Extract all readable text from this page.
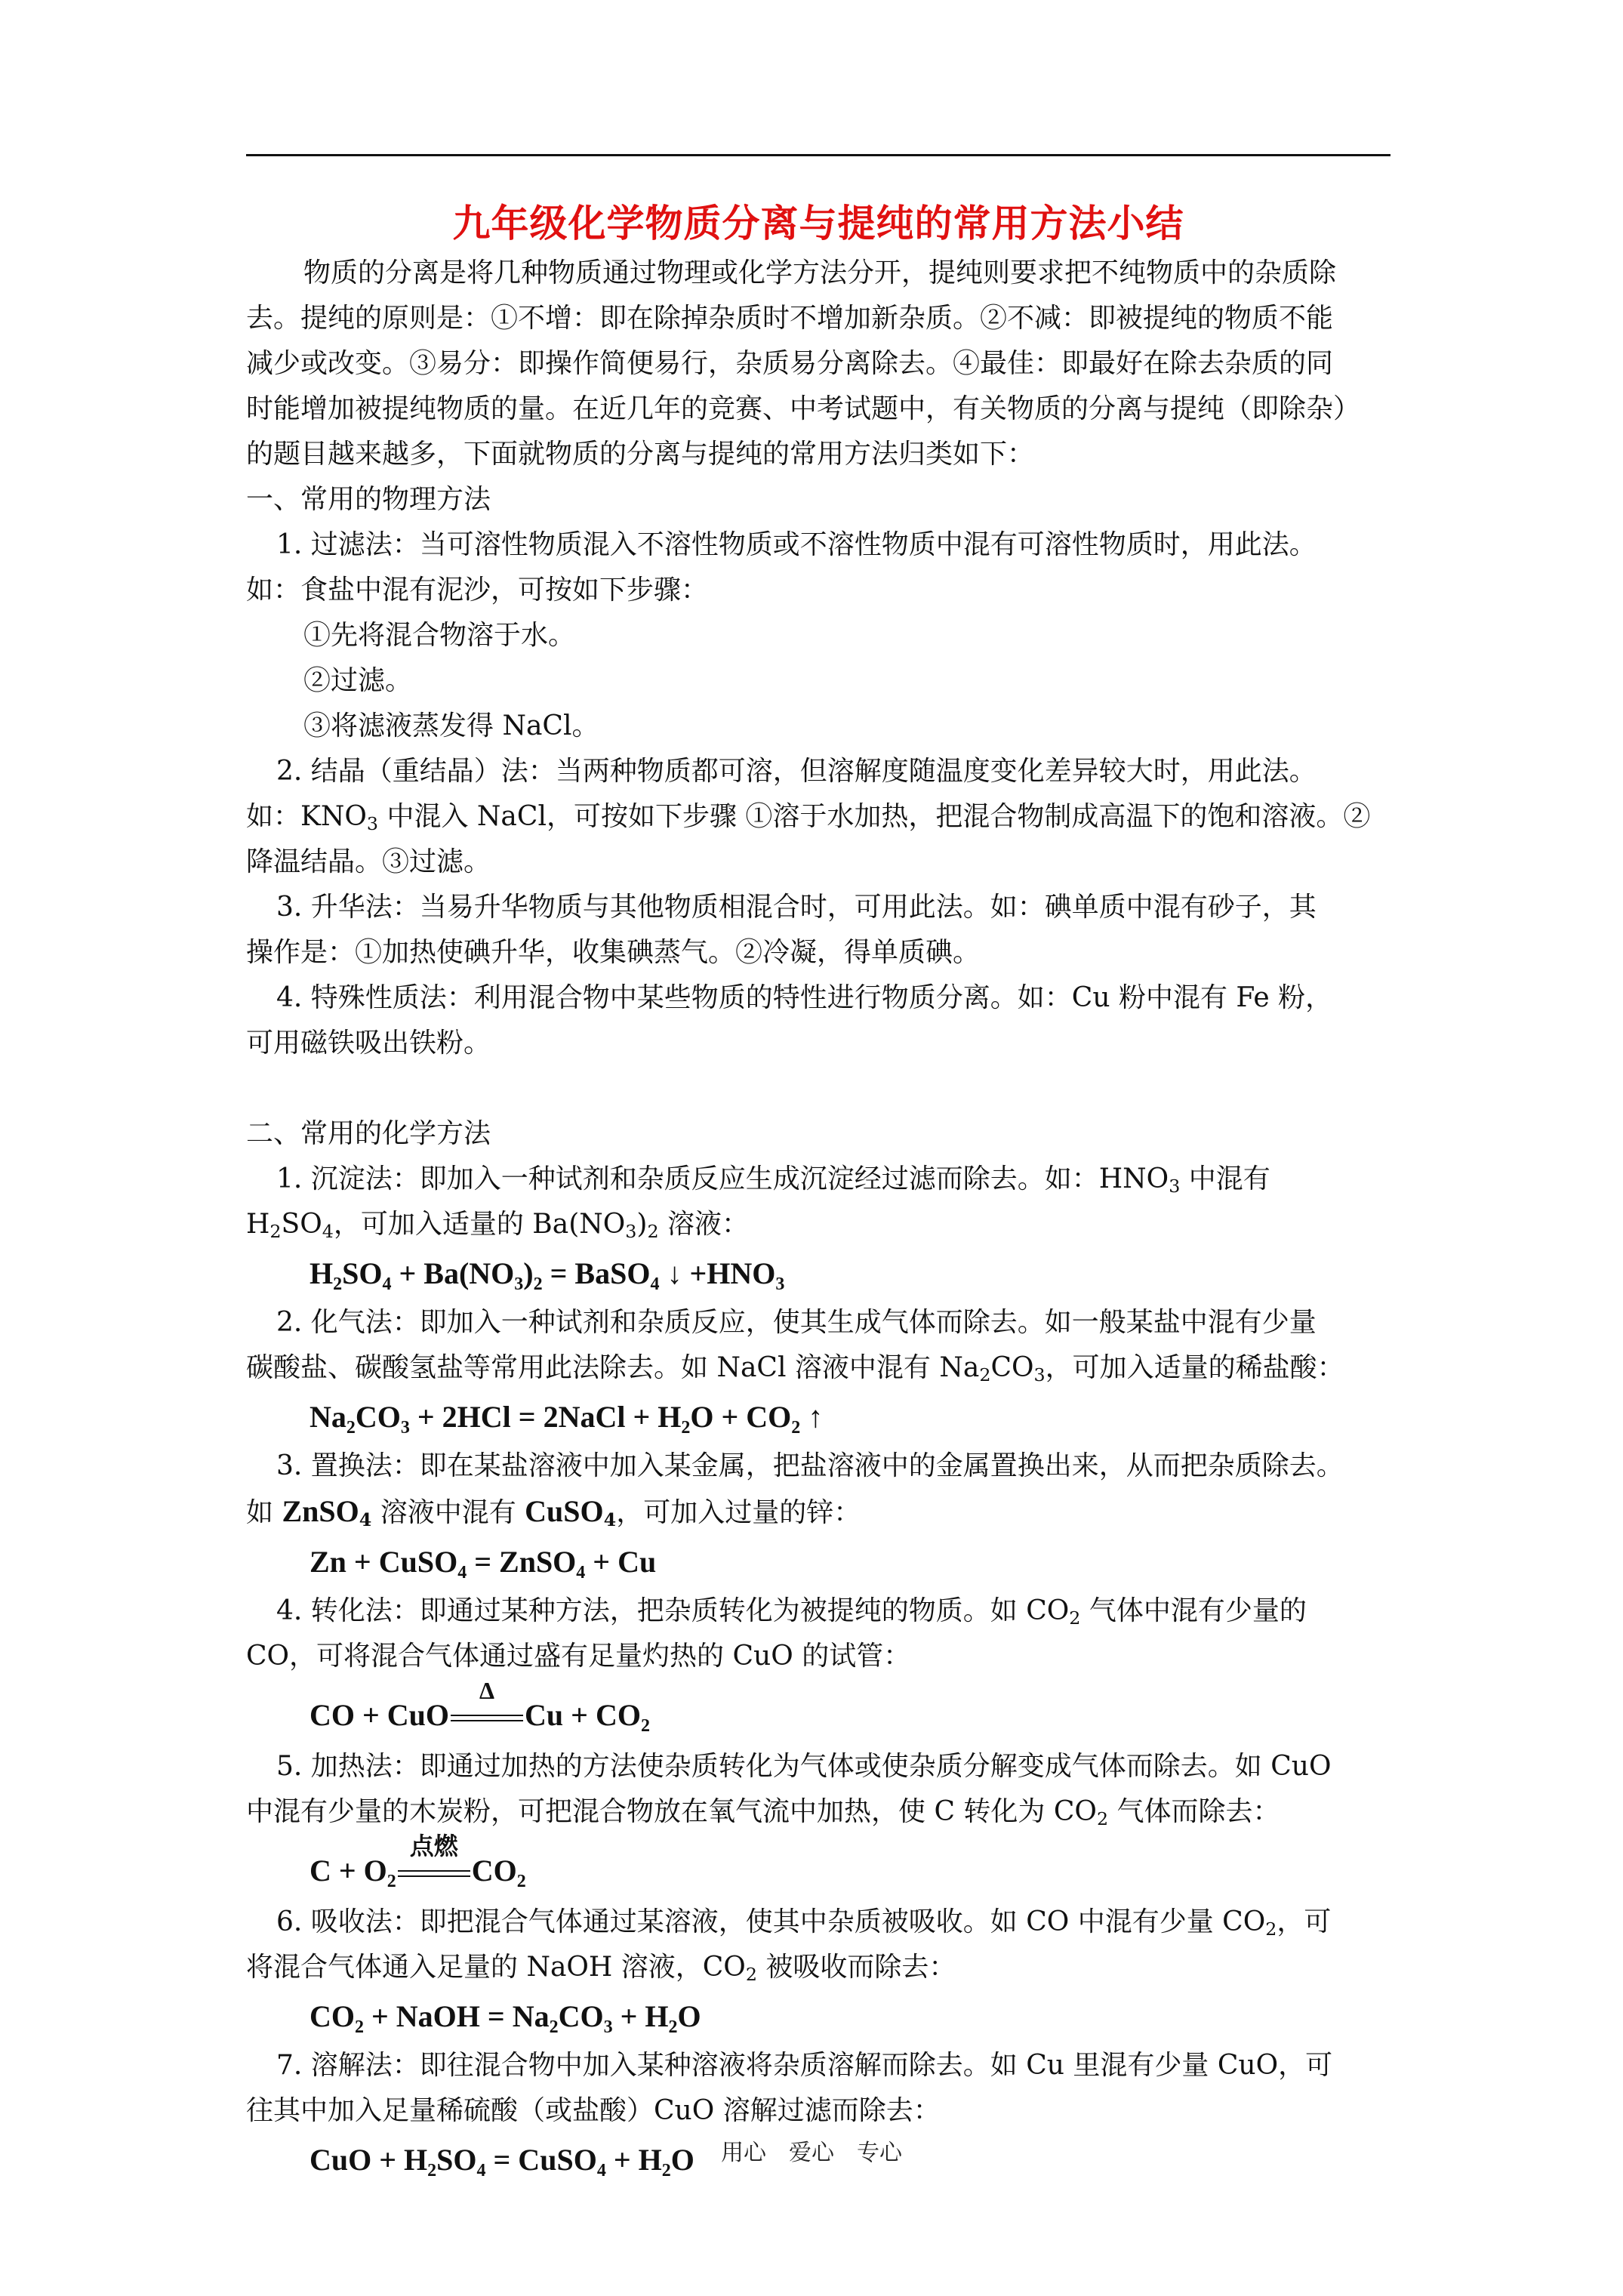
九年级化学物质分离与提纯的常用方法小结

物质的分离是将几种物质通过物理或化学方法分开，提纯则要求把不纯物质中的杂质除

去。提纯的原则是：①不增：即在除掉杂质时不增加新杂质。②不减：即被提纯的物质不能

减少或改变。③易分：即操作简便易行，杂质易分离除去。④最佳：即最好在除去杂质的同

时能增加被提纯物质的量。在近几年的竞赛、中考试题中，有关物质的分离与提纯（即除杂）

的题目越来越多，下面就物质的分离与提纯的常用方法归类如下：

一、常用的物理方法

1. 过滤法：当可溶性物质混入不溶性物质或不溶性物质中混有可溶性物质时，用此法。

如：食盐中混有泥沙，可按如下步骤：

①先将混合物溶于水。

②过滤。

③将滤液蒸发得 NaCl。

2. 结晶（重结晶）法：当两种物质都可溶，但溶解度随温度变化差异较大时，用此法。

如：$KNO_3$ 中混入 NaCl，可按如下步骤 ①溶于水加热，把混合物制成高温下的饱和溶液。②

降温结晶。③过滤。

3. 升华法：当易升华物质与其他物质相混合时，可用此法。如：碘单质中混有砂子，其

操作是：①加热使碘升华，收集碘蒸气。②冷凝，得单质碘。

4. 特殊性质法：利用混合物中某些物质的特性进行物质分离。如：Cu 粉中混有 Fe 粉，

可用磁铁吸出铁粉。

二、常用的化学方法

1. 沉淀法：即加入一种试剂和杂质反应生成沉淀经过滤而除去。如：$HNO_3$ 中混有

$H_2SO_4$，可加入适量的 $Ba(NO_3)_2$ 溶液：

$H_2SO_4 + Ba(NO_3)_2$ = BaSO$_4$ ↓ $+HNO_3$

2. 化气法：即加入一种试剂和杂质反应，使其生成气体而除去。如一般某盐中混有少量

碳酸盐、碳酸氢盐等常用此法除去。如 NaCl 溶液中混有 $Na_2CO_3$，可加入适量的稀盐酸：

$Na_2CO_3 + 2HCl$ = 2NaCl + $H_2O + CO_2$ ↑

3. 置换法：即在某盐溶液中加入某金属，把盐溶液中的金属置换出来，从而把杂质除去。

如 ZnSO$_4$ 溶液中混有 CuSO$_4$，可加入过量的锌：

Zn + CuSO$_4$ = ZnSO$_4$ + Cu

4. 转化法：即通过某种方法，把杂质转化为被提纯的物质。如 $CO_2$ 气体中混有少量的

CO，可将混合气体通过盛有足量灼热的 CuO 的试管：

CO + CuO
Δ
$Cu + CO_2$

5. 加热法：即通过加热的方法使杂质转化为气体或使杂质分解变成气体而除去。如 CuO

中混有少量的木炭粉，可把混合物放在氧气流中加热，使 C 转化为 $CO_2$ 气体而除去：

$C + O_2$
点燃
$CO_2$

6. 吸收法：即把混合气体通过某溶液，使其中杂质被吸收。如 CO 中混有少量 $CO_2$，可

将混合气体通入足量的 NaOH 溶液，$CO_2$ 被吸收而除去：

$CO_2$ + NaOH = $Na_2CO_3 + H_2O$

7. 溶解法：即往混合物中加入某种溶液将杂质溶解而除去。如 Cu 里混有少量 CuO，可

往其中加入足量稀硫酸（或盐酸）CuO 溶解过滤而除去：

CuO + $H_2SO_4$ = CuSO$_4$ + $H_2O$	用心　爱心　专心
